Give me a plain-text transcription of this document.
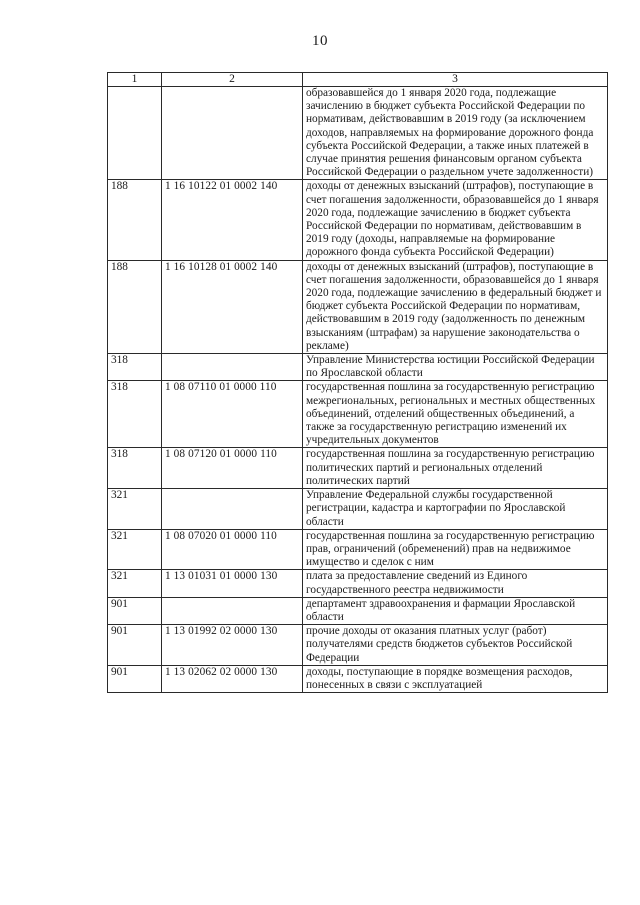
10
1	2	3
		образовавшейся до 1 января 2020 года, подлежащие зачислению в бюджет субъекта Российской Федерации по нормативам, действовавшим в 2019 году (за исключением доходов, направляемых на формирование дорожного фонда субъекта Российской Федерации, а также иных платежей в случае принятия решения финансовым органом субъекта Российской Федерации о раздельном учете задолженности)
188	1 16 10122 01 0002 140	доходы от денежных взысканий (штрафов), поступающие в счет погашения задолженности, образовавшейся до 1 января 2020 года, подлежащие зачислению в бюджет субъекта Российской Федерации по нормативам, действовавшим в 2019 году (доходы, направляемые на формирование дорожного фонда субъекта Российской Федерации)
188	1 16 10128 01 0002 140	доходы от денежных взысканий (штрафов), поступающие в счет погашения задолженности, образовавшейся до 1 января 2020 года, подлежащие зачислению в федеральный бюджет и бюджет субъекта Российской Федерации по нормативам, действовавшим в 2019 году (задолженность по денежным взысканиям (штрафам) за нарушение законодательства о рекламе)
318		Управление Министерства юстиции Российской Федерации по Ярославской области
318	1 08 07110 01 0000 110	государственная пошлина за государственную регистрацию межрегиональных, региональных и местных общественных объединений, отделений общественных объединений, а также за государственную регистрацию изменений их учредительных документов
318	1 08 07120 01 0000 110	государственная пошлина за государственную регистрацию политических партий и региональных отделений политических партий
321		Управление Федеральной службы государственной регистрации, кадастра и картографии по Ярославской области
321	1 08 07020 01 0000 110	государственная пошлина за государственную регистрацию прав, ограничений (обременений) прав на недвижимое имущество и сделок с ним
321	1 13 01031 01 0000 130	плата за предоставление сведений из Единого государственного реестра недвижимости
901		департамент здравоохранения и фармации Ярославской области
901	1 13 01992 02 0000 130	прочие доходы от оказания платных услуг (работ) получателями средств бюджетов субъектов Российской Федерации
901	1 13 02062 02 0000 130	доходы, поступающие в порядке возмещения расходов, понесенных в связи с эксплуатацией
